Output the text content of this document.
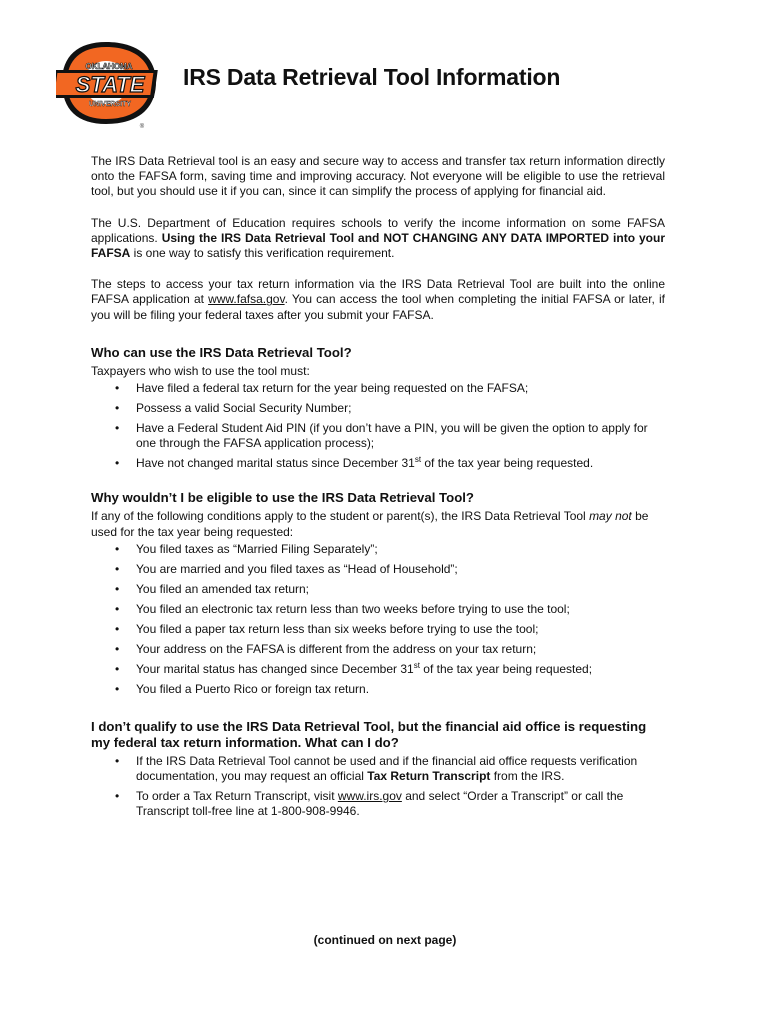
OKLAHOMA
STATE
UNIVERSITY
®
IRS Data Retrieval Tool Information

The IRS Data Retrieval tool is an easy and secure way to access and transfer tax return information directly onto the FAFSA form, saving time and improving accuracy. Not everyone will be eligible to use the retrieval tool, but you should use it if you can, since it can simplify the process of applying for financial aid.

The U.S. Department of Education requires schools to verify the income information on some FAFSA applications. Using the IRS Data Retrieval Tool and NOT CHANGING ANY DATA IMPORTED into your FAFSA is one way to satisfy this verification requirement.

The steps to access your tax return information via the IRS Data Retrieval Tool are built into the online FAFSA application at www.fafsa.gov. You can access the tool when completing the initial FAFSA or later, if you will be filing your federal taxes after you submit your FAFSA.

Who can use the IRS Data Retrieval Tool?

Taxpayers who wish to use the tool must:

• Have filed a federal tax return for the year being requested on the FAFSA;
• Possess a valid Social Security Number;
• Have a Federal Student Aid PIN (if you don’t have a PIN, you will be given the option to apply for one through the FAFSA application process);
• Have not changed marital status since December 31st of the tax year being requested.
Why wouldn’t I be eligible to use the IRS Data Retrieval Tool?

If any of the following conditions apply to the student or parent(s), the IRS Data Retrieval Tool may not be used for the tax year being requested:

• You filed taxes as “Married Filing Separately”;
• You are married and you filed taxes as “Head of Household”;
• You filed an amended tax return;
• You filed an electronic tax return less than two weeks before trying to use the tool;
• You filed a paper tax return less than six weeks before trying to use the tool;
• Your address on the FAFSA is different from the address on your tax return;
• Your marital status has changed since December 31st of the tax year being requested;
• You filed a Puerto Rico or foreign tax return.
I don’t qualify to use the IRS Data Retrieval Tool, but the financial aid office is requesting my federal tax return information. What can I do?
• If the IRS Data Retrieval Tool cannot be used and if the financial aid office requests verification documentation, you may request an official Tax Return Transcript from the IRS.
• To order a Tax Return Transcript, visit www.irs.gov and select “Order a Transcript” or call the Transcript toll-free line at 1-800-908-9946.
(continued on next page)
